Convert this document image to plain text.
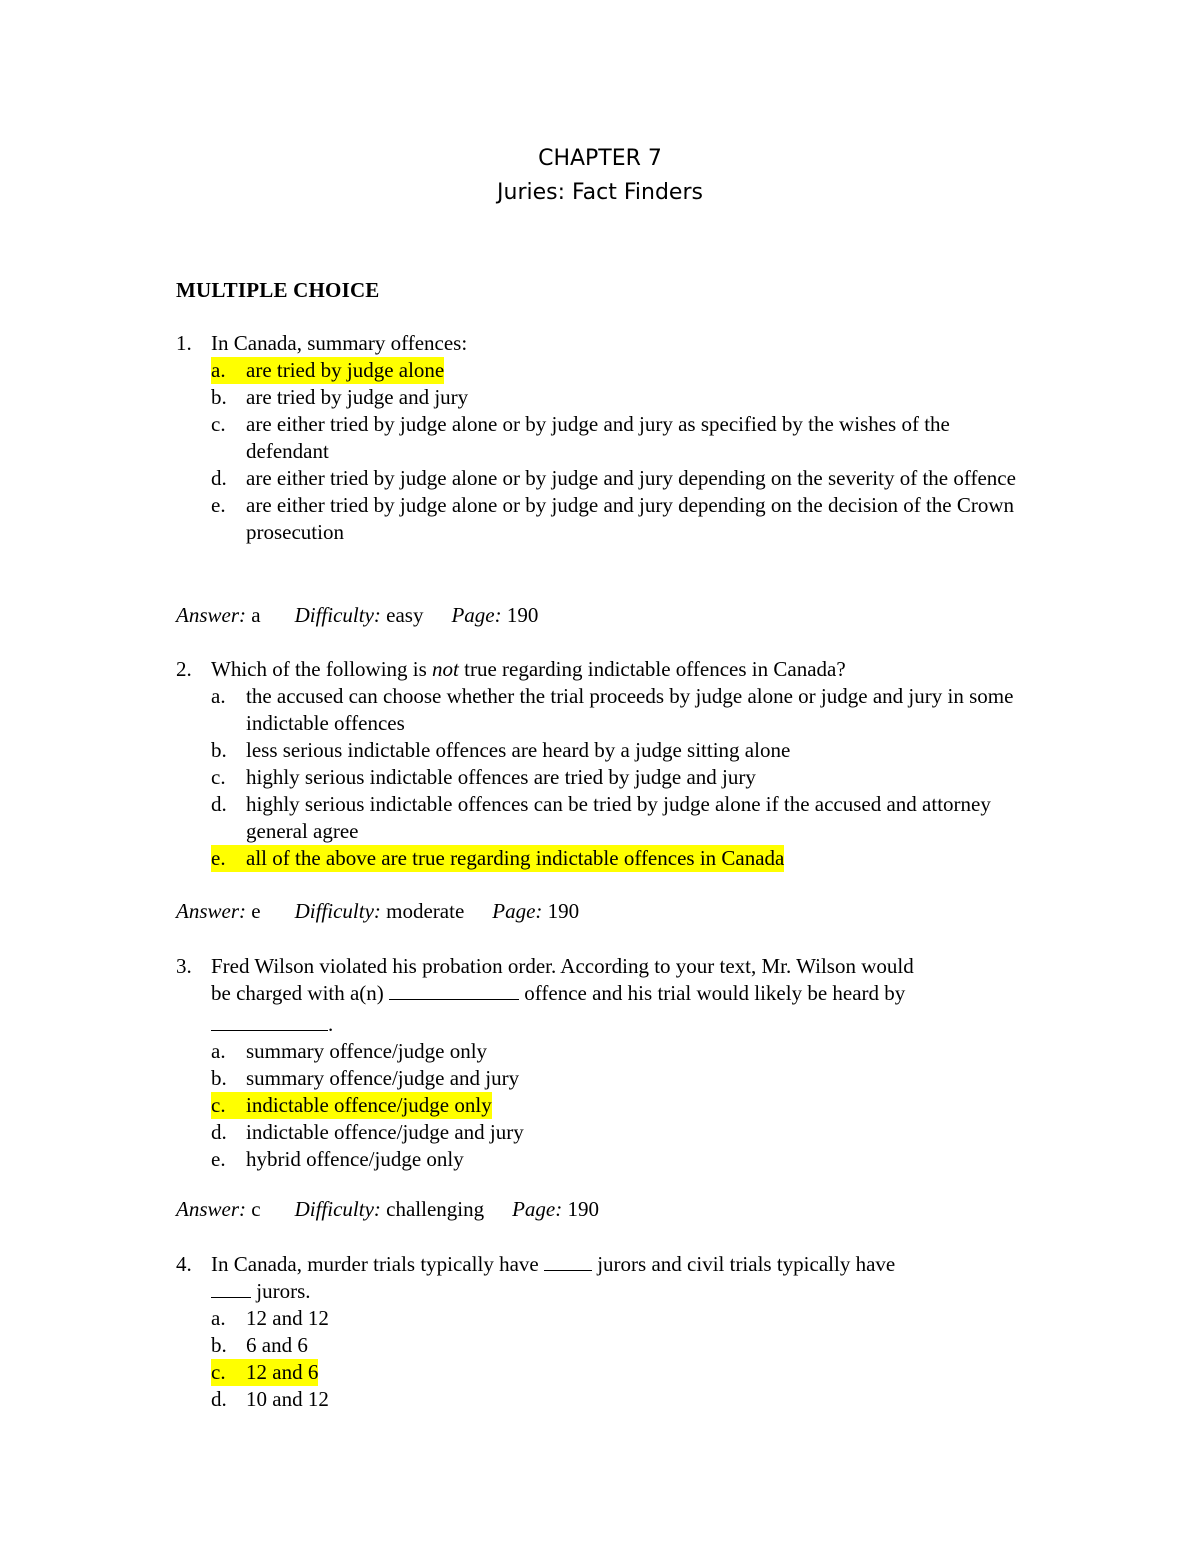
CHAPTER 7
Juries: Fact Finders
MULTIPLE CHOICE
1. In Canada, summary offences:
a. are tried by judge alone
b. are tried by judge and jury
c. are either tried by judge alone or by judge and jury as specified by the wishes of the defendant
d. are either tried by judge alone or by judge and jury depending on the severity of the offence
e. are either tried by judge alone or by judge and jury depending on the decision of the Crown prosecution
Answer: a Difficulty: easy Page: 190
2. Which of the following is not true regarding indictable offences in Canada?
a. the accused can choose whether the trial proceeds by judge alone or judge and jury in some indictable offences
b. less serious indictable offences are heard by a judge sitting alone
c. highly serious indictable offences are tried by judge and jury
d. highly serious indictable offences can be tried by judge alone if the accused and attorney general agree
e. all of the above are true regarding indictable offences in Canada
Answer: e Difficulty: moderate Page: 190
3. Fred Wilson violated his probation order. According to your text, Mr. Wilson would
be charged with a(n)	offence and his trial would likely be heard by
.
a. summary offence/judge only
b. summary offence/judge and jury
c. indictable offence/judge only
d. indictable offence/judge and jury
e. hybrid offence/judge only
Answer: c Difficulty: challenging Page: 190
4. In Canada, murder trials typically have	jurors and civil trials typically have
jurors.
a. 12 and 12
b. 6 and 6
c. 12 and 6
d. 10 and 12
